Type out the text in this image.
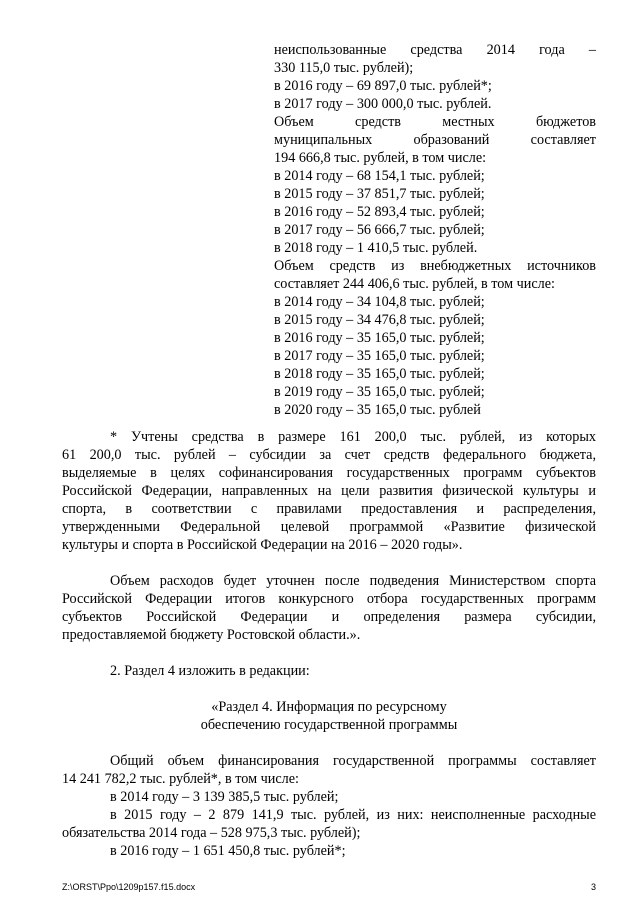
неиспользованные средства 2014 года –
330 115,0 тыс. рублей);
в 2016 году – 69 897,0 тыс. рублей*;
в 2017 году – 300 000,0 тыс. рублей.
Объем средств местных бюджетов
муниципальных образований составляет
194 666,8 тыс. рублей, в том числе:
в 2014 году – 68 154,1 тыс. рублей;
в 2015 году – 37 851,7 тыс. рублей;
в 2016 году – 52 893,4 тыс. рублей;
в 2017 году – 56 666,7 тыс. рублей;
в 2018 году – 1 410,5 тыс. рублей.
Объем средств из внебюджетных источников
составляет 244 406,6 тыс. рублей, в том числе:
в 2014 году – 34 104,8 тыс. рублей;
в 2015 году – 34 476,8 тыс. рублей;
в 2016 году – 35 165,0 тыс. рублей;
в 2017 году – 35 165,0 тыс. рублей;
в 2018 году – 35 165,0 тыс. рублей;
в 2019 году – 35 165,0 тыс. рублей;
в 2020 году – 35 165,0 тыс. рублей
* Учтены средства в размере 161 200,0 тыс. рублей, из которых
61 200,0 тыс. рублей – субсидии за счет средств федерального бюджета,
выделяемые в целях софинансирования государственных программ субъектов
Российской Федерации, направленных на цели развития физической культуры и
спорта, в соответствии с правилами предоставления и распределения,
утвержденными Федеральной целевой программой «Развитие физической
культуры и спорта в Российской Федерации на 2016 – 2020 годы».
Объем расходов будет уточнен после подведения Министерством спорта
Российской Федерации итогов конкурсного отбора государственных программ
субъектов Российской Федерации и определения размера субсидии,
предоставляемой бюджету Ростовской области.».
2. Раздел 4 изложить в редакции:
«Раздел 4. Информация по ресурсному
обеспечению государственной программы
Общий объем финансирования государственной программы составляет
14 241 782,2 тыс. рублей*, в том числе:
в 2014 году – 3 139 385,5 тыс. рублей;
в 2015 году – 2 879 141,9 тыс. рублей, из них: неисполненные расходные
обязательства 2014 года – 528 975,3 тыс. рублей);
в 2016 году – 1 651 450,8 тыс. рублей*;
Z:\ORST\Ppo\1209p157.f15.docx	3
